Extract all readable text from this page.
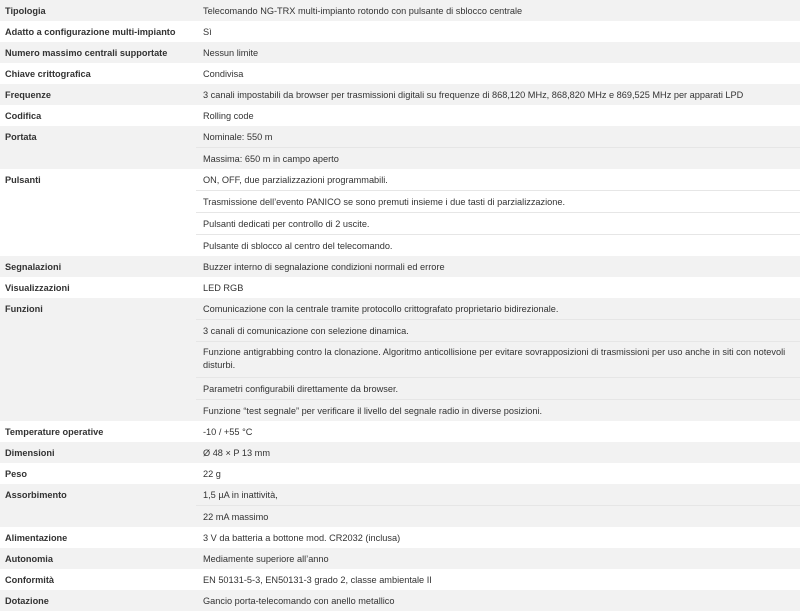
Tipologia	Telecomando NG-TRX multi-impianto rotondo con pulsante di sblocco centrale

Adatto a configurazione multi-impianto	Sì

Numero massimo centrali supportate	Nessun limite

Chiave crittografica	Condivisa

Frequenze	3 canali impostabili da browser per trasmissioni digitali su frequenze di 868,120 MHz, 868,820 MHz e 869,525 MHz per apparati LPD

Codifica	Rolling code

Portata	Nominale: 550 m
Massima: 650 m in campo aperto

Pulsanti	ON, OFF, due parzializzazioni programmabili.
Trasmissione dell’evento PANICO se sono premuti insieme i due tasti di parzializzazione.
Pulsanti dedicati per controllo di 2 uscite.
Pulsante di sblocco al centro del telecomando.

Segnalazioni	Buzzer interno di segnalazione condizioni normali ed errore

Visualizzazioni	LED RGB

Funzioni	Comunicazione con la centrale tramite protocollo crittografato proprietario bidirezionale.
3 canali di comunicazione con selezione dinamica.
Funzione antigrabbing contro la clonazione. Algoritmo anticollisione per evitare sovrapposizioni di trasmissioni per uso anche in siti con notevoli disturbi.
Parametri configurabili direttamente da browser.
Funzione “test segnale” per verificare il livello del segnale radio in diverse posizioni.

Temperature operative	-10 / +55 °C

Dimensioni	Ø 48 × P 13 mm

Peso	22 g

Assorbimento	1,5 µA in inattività,
22 mA massimo

Alimentazione	3 V da batteria a bottone mod. CR2032 (inclusa)

Autonomia	Mediamente superiore all’anno

Conformità	EN 50131-5-3, EN50131-3 grado 2, classe ambientale II

Dotazione	Gancio porta-telecomando con anello metallico
